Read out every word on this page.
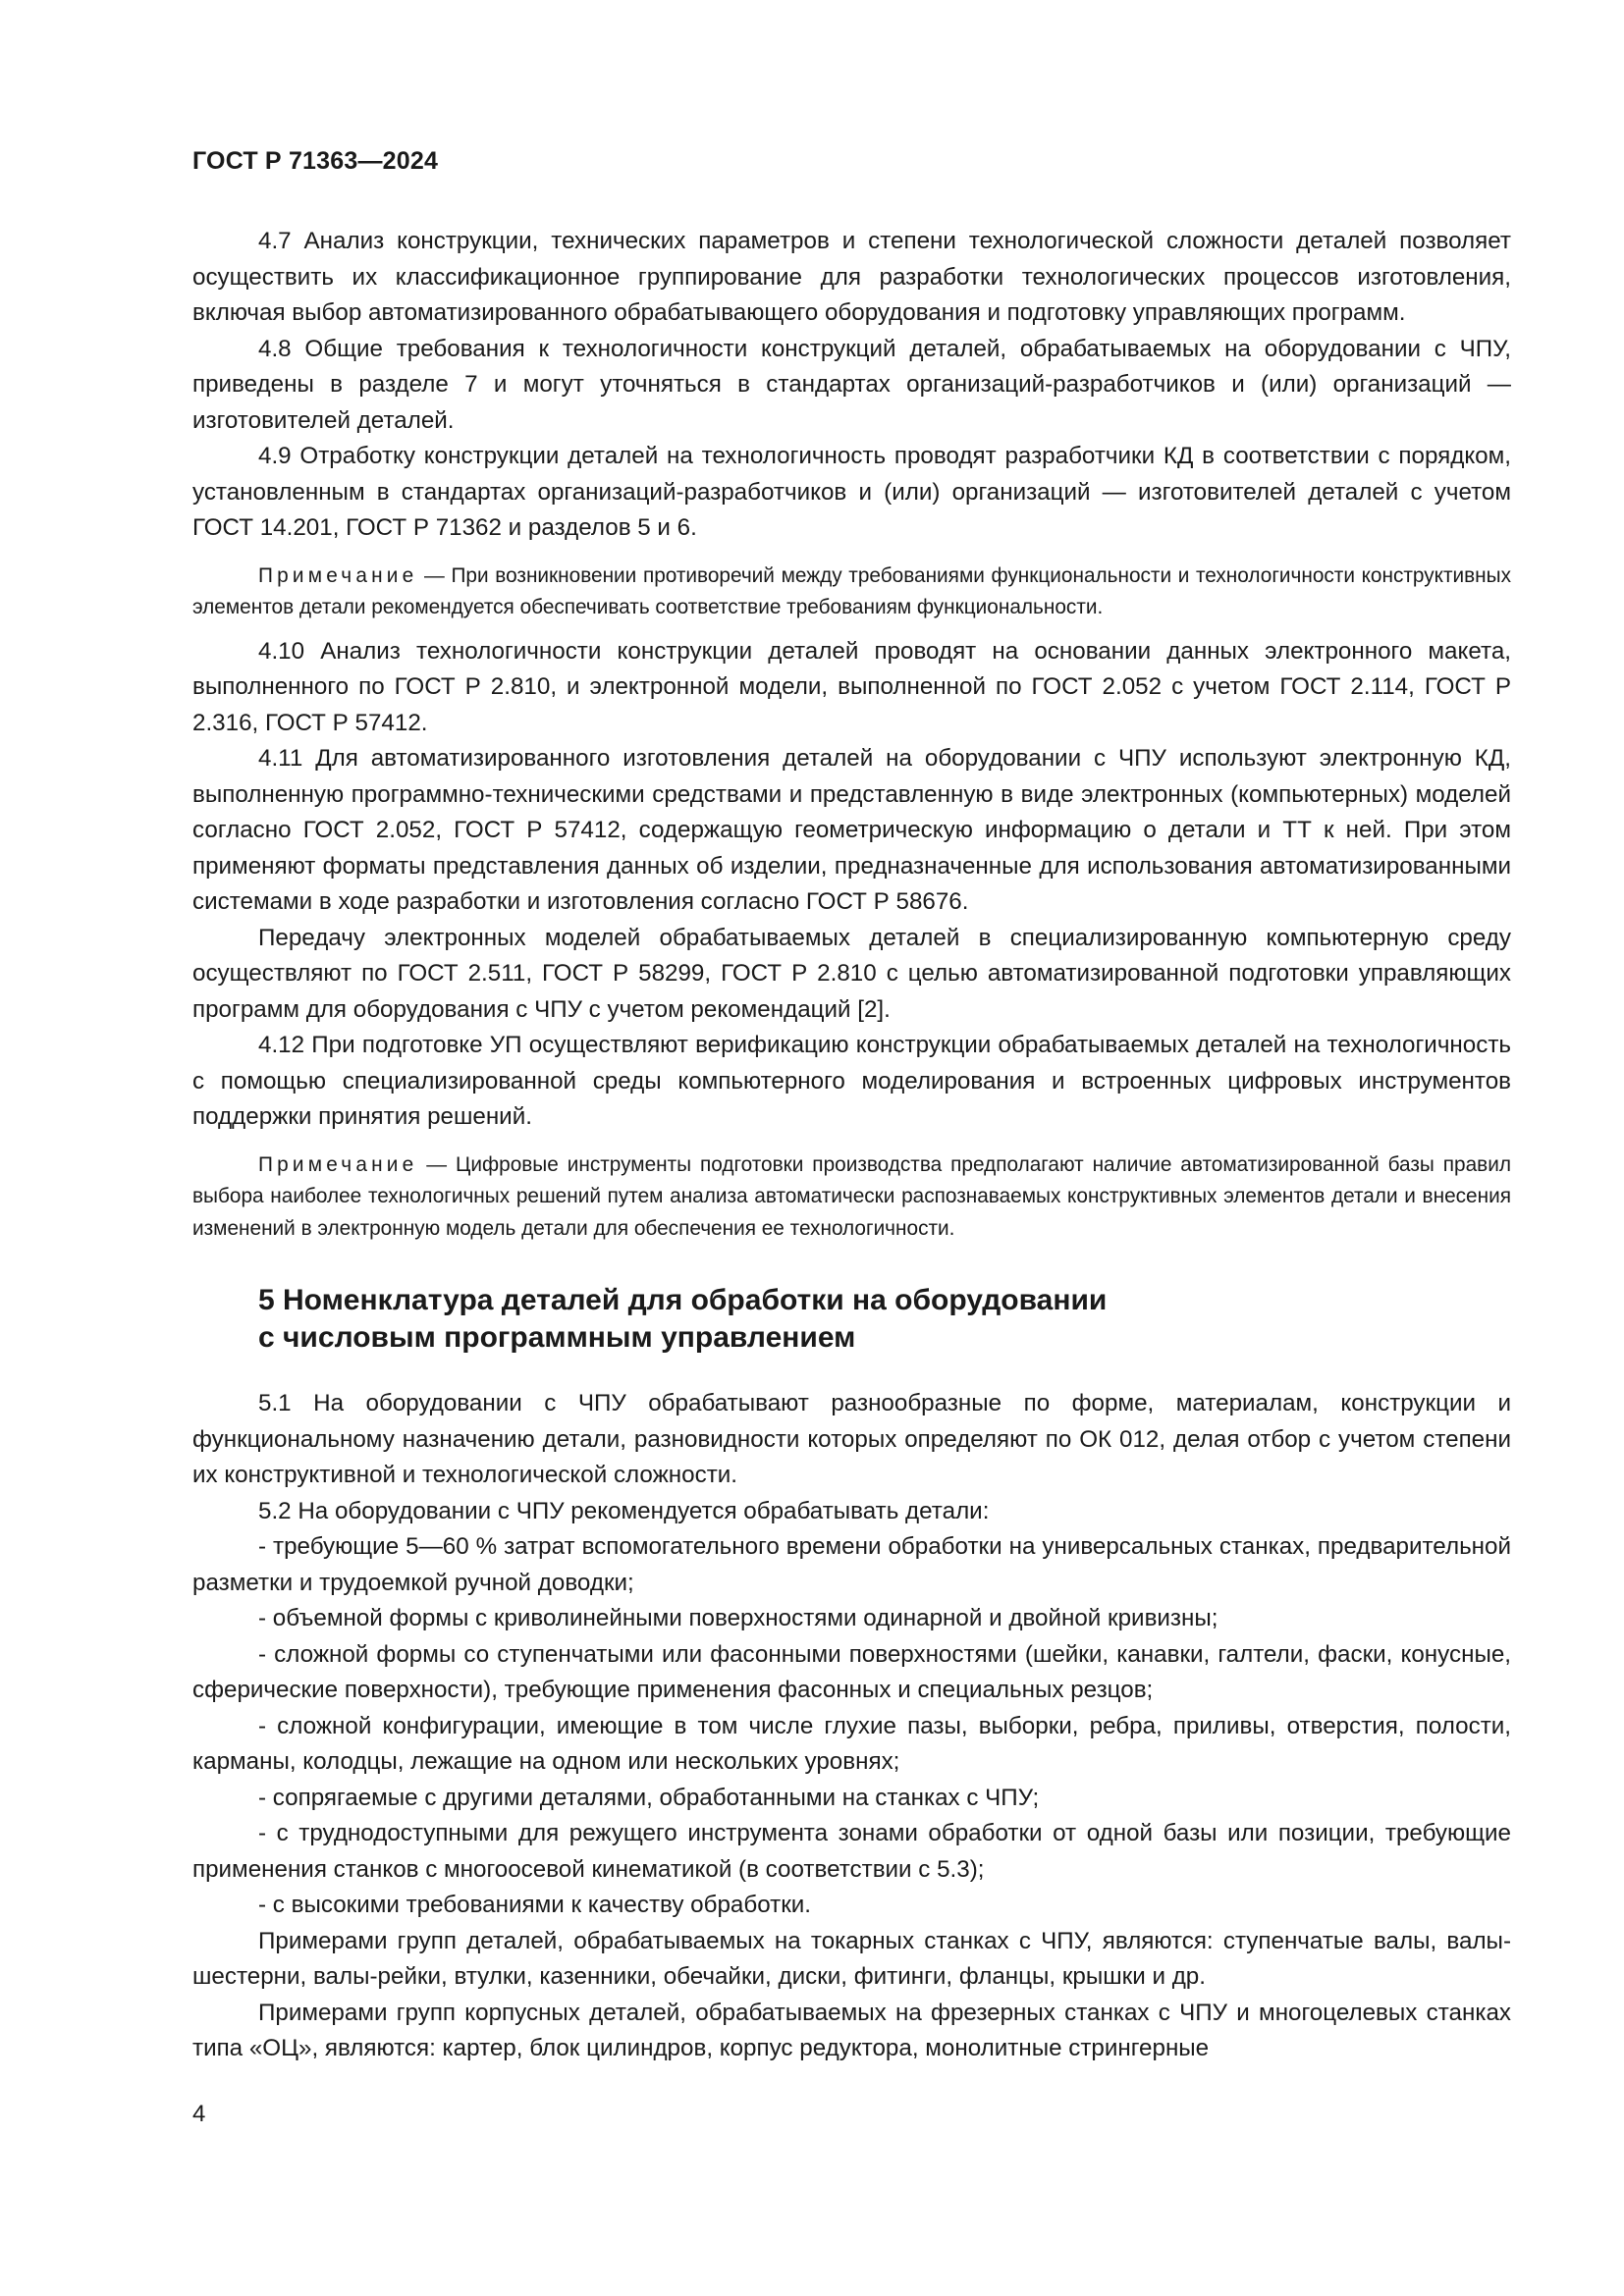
ГОСТ Р 71363—2024

4.7 Анализ конструкции, технических параметров и степени технологической сложности деталей позволяет осуществить их классификационное группирование для разработки технологических процессов изготовления, включая выбор автоматизированного обрабатывающего оборудования и подготовку управляющих программ.

4.8 Общие требования к технологичности конструкций деталей, обрабатываемых на оборудовании с ЧПУ, приведены в разделе 7 и могут уточняться в стандартах организаций-разработчиков и (или) организаций — изготовителей деталей.

4.9 Отработку конструкции деталей на технологичность проводят разработчики КД в соответствии с порядком, установленным в стандартах организаций-разработчиков и (или) организаций — изготовителей деталей с учетом ГОСТ 14.201, ГОСТ Р 71362 и разделов 5 и 6.

Примечание — При возникновении противоречий между требованиями функциональности и технологичности конструктивных элементов детали рекомендуется обеспечивать соответствие требованиям функциональности.

4.10 Анализ технологичности конструкции деталей проводят на основании данных электронного макета, выполненного по ГОСТ Р 2.810, и электронной модели, выполненной по ГОСТ 2.052 с учетом ГОСТ 2.114, ГОСТ Р 2.316, ГОСТ Р 57412.

4.11 Для автоматизированного изготовления деталей на оборудовании с ЧПУ используют электронную КД, выполненную программно-техническими средствами и представленную в виде электронных (компьютерных) моделей согласно ГОСТ 2.052, ГОСТ Р 57412, содержащую геометрическую информацию о детали и ТТ к ней. При этом применяют форматы представления данных об изделии, предназначенные для использования автоматизированными системами в ходе разработки и изготовления согласно ГОСТ Р 58676.

Передачу электронных моделей обрабатываемых деталей в специализированную компьютерную среду осуществляют по ГОСТ 2.511, ГОСТ Р 58299, ГОСТ Р 2.810 с целью автоматизированной подготовки управляющих программ для оборудования с ЧПУ с учетом рекомендаций [2].

4.12 При подготовке УП осуществляют верификацию конструкции обрабатываемых деталей на технологичность с помощью специализированной среды компьютерного моделирования и встроенных цифровых инструментов поддержки принятия решений.

Примечание — Цифровые инструменты подготовки производства предполагают наличие автоматизированной базы правил выбора наиболее технологичных решений путем анализа автоматически распознаваемых конструктивных элементов детали и внесения изменений в электронную модель детали для обеспечения ее технологичности.

5 Номенклатура деталей для обработки на оборудовании
с числовым программным управлением

5.1 На оборудовании с ЧПУ обрабатывают разнообразные по форме, материалам, конструкции и функциональному назначению детали, разновидности которых определяют по ОК 012, делая отбор с учетом степени их конструктивной и технологической сложности.

5.2 На оборудовании с ЧПУ рекомендуется обрабатывать детали:

- требующие 5—60 % затрат вспомогательного времени обработки на универсальных станках, предварительной разметки и трудоемкой ручной доводки;

- объемной формы с криволинейными поверхностями одинарной и двойной кривизны;

- сложной формы со ступенчатыми или фасонными поверхностями (шейки, канавки, галтели, фаски, конусные, сферические поверхности), требующие применения фасонных и специальных резцов;

- сложной конфигурации, имеющие в том числе глухие пазы, выборки, ребра, приливы, отверстия, полости, карманы, колодцы, лежащие на одном или нескольких уровнях;

- сопрягаемые с другими деталями, обработанными на станках с ЧПУ;

- с труднодоступными для режущего инструмента зонами обработки от одной базы или позиции, требующие применения станков с многоосевой кинематикой (в соответствии с 5.3);

- с высокими требованиями к качеству обработки.

Примерами групп деталей, обрабатываемых на токарных станках с ЧПУ, являются: ступенчатые валы, валы-шестерни, валы-рейки, втулки, казенники, обечайки, диски, фитинги, фланцы, крышки и др.

Примерами групп корпусных деталей, обрабатываемых на фрезерных станках с ЧПУ и многоцелевых станках типа «ОЦ», являются: картер, блок цилиндров, корпус редуктора, монолитные стрингерные

4
